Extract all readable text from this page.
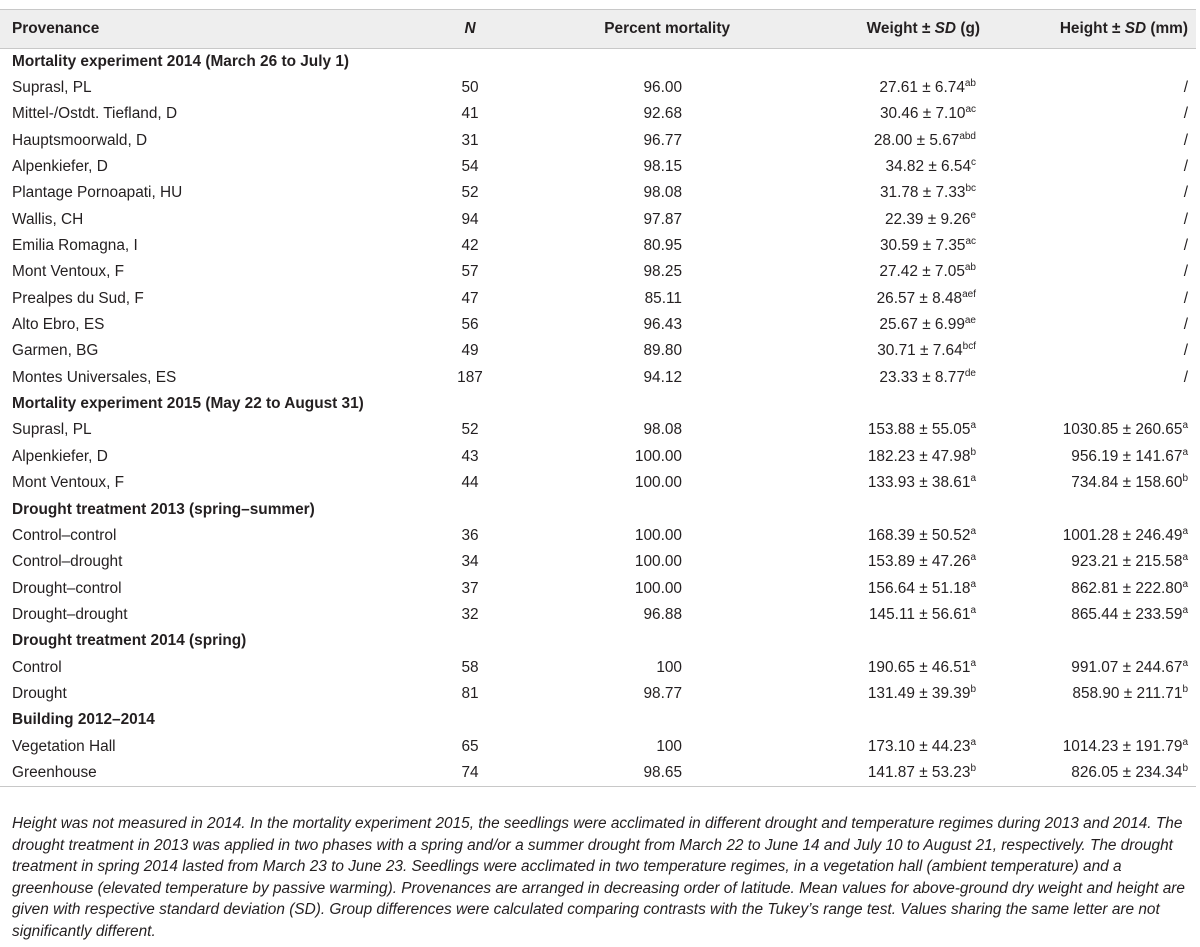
Provenance	N	Percent mortality	Weight ± SD (g)	Height ± SD (mm)
Mortality experiment 2014 (March 26 to July 1)				
Suprasl, PL	50	96.00	27.61 ± 6.74$^{ab}$	/
Mittel-/Ostdt. Tiefland, D	41	92.68	30.46 ± 7.10$^{ac}$	/
Hauptsmoorwald, D	31	96.77	28.00 ± 5.67$^{abd}$	/
Alpenkiefer, D	54	98.15	34.82 ± 6.54$^c$	/
Plantage Pornoapati, HU	52	98.08	31.78 ± 7.33$^{bc}$	/
Wallis, CH	94	97.87	22.39 ± 9.26$^e$	/
Emilia Romagna, I	42	80.95	30.59 ± 7.35$^{ac}$	/
Mont Ventoux, F	57	98.25	27.42 ± 7.05$^{ab}$	/
Prealpes du Sud, F	47	85.11	26.57 ± 8.48$^{aef}$	/
Alto Ebro, ES	56	96.43	25.67 ± 6.99$^{ae}$	/
Garmen, BG	49	89.80	30.71 ± 7.64$^{bcf}$	/
Montes Universales, ES	187	94.12	23.33 ± 8.77de	/
Mortality experiment 2015 (May 22 to August 31)				
Suprasl, PL	52	98.08	153.88 ± 55.05$^a$	1030.85 ± 260.65$^a$
Alpenkiefer, D	43	100.00	182.23 ± 47.98$^b$	956.19 ± 141.67$^a$
Mont Ventoux, F	44	100.00	133.93 ± 38.61$^a$	734.84 ± 158.60$^b$
Drought treatment 2013 (spring–summer)				
Control–control	36	100.00	168.39 ± 50.52$^a$	1001.28 ± 246.49$^a$
Control–drought	34	100.00	153.89 ± 47.26$^a$	923.21 ± 215.58$^a$
Drought–control	37	100.00	156.64 ± 51.18$^a$	862.81 ± 222.80$^a$
Drought–drought	32	96.88	145.11 ± 56.61$^a$	865.44 ± 233.59$^a$
Drought treatment 2014 (spring)				
Control	58	100	190.65 ± 46.51$^a$	991.07 ± 244.67$^a$
Drought	81	98.77	131.49 ± 39.39$^b$	858.90 ± 211.71$^b$
Building 2012–2014				
Vegetation Hall	65	100	173.10 ± 44.23$^a$	1014.23 ± 191.79$^a$
Greenhouse	74	98.65	141.87 ± 53.23$^b$	826.05 ± 234.34$^b$

Height was not measured in 2014. In the mortality experiment 2015, the seedlings were acclimated in different drought and temperature regimes during 2013 and 2014. The drought treatment in 2013 was applied in two phases with a spring and/or a summer drought from March 22 to June 14 and July 10 to August 21, respectively. The drought treatment in spring 2014 lasted from March 23 to June 23. Seedlings were acclimated in two temperature regimes, in a vegetation hall (ambient temperature) and a greenhouse (elevated temperature by passive warming). Provenances are arranged in decreasing order of latitude. Mean values for above-ground dry weight and height are given with respective standard deviation (SD). Group differences were calculated comparing contrasts with the Tukey’s range test. Values sharing the same letter are not significantly different.
